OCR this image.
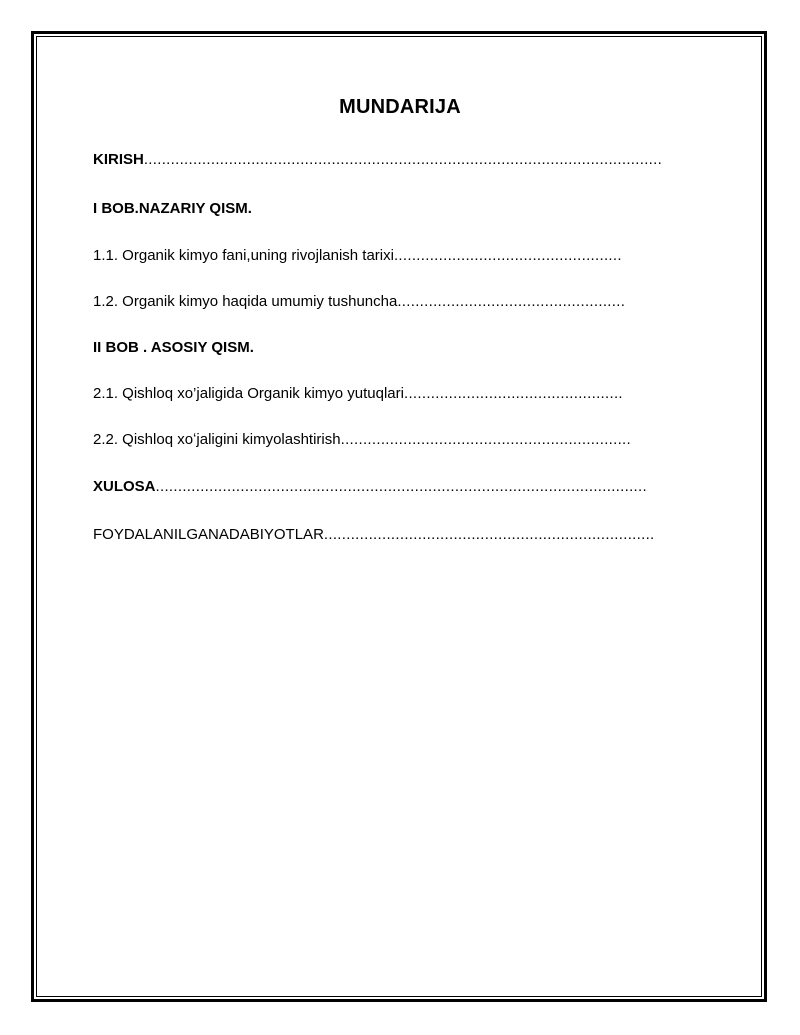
MUNDARIJA
KIRISH....................................................................................................................
I BOB.NAZARIY QISM.
1.1. Organik kimyo fani,uning rivojlanish tarixi...................................................
1.2. Organik kimyo haqida umumiy tushuncha...................................................
II BOB . ASOSIY QISM.
2.1. Qishloq xo’jaligida Organik kimyo yutuqlari.................................................
2.2. Qishloq xoʻjaligini kimyolashtirish.................................................................
XULOSA..............................................................................................................
FOYDALANILGANADABIYOTLAR..........................................................................
